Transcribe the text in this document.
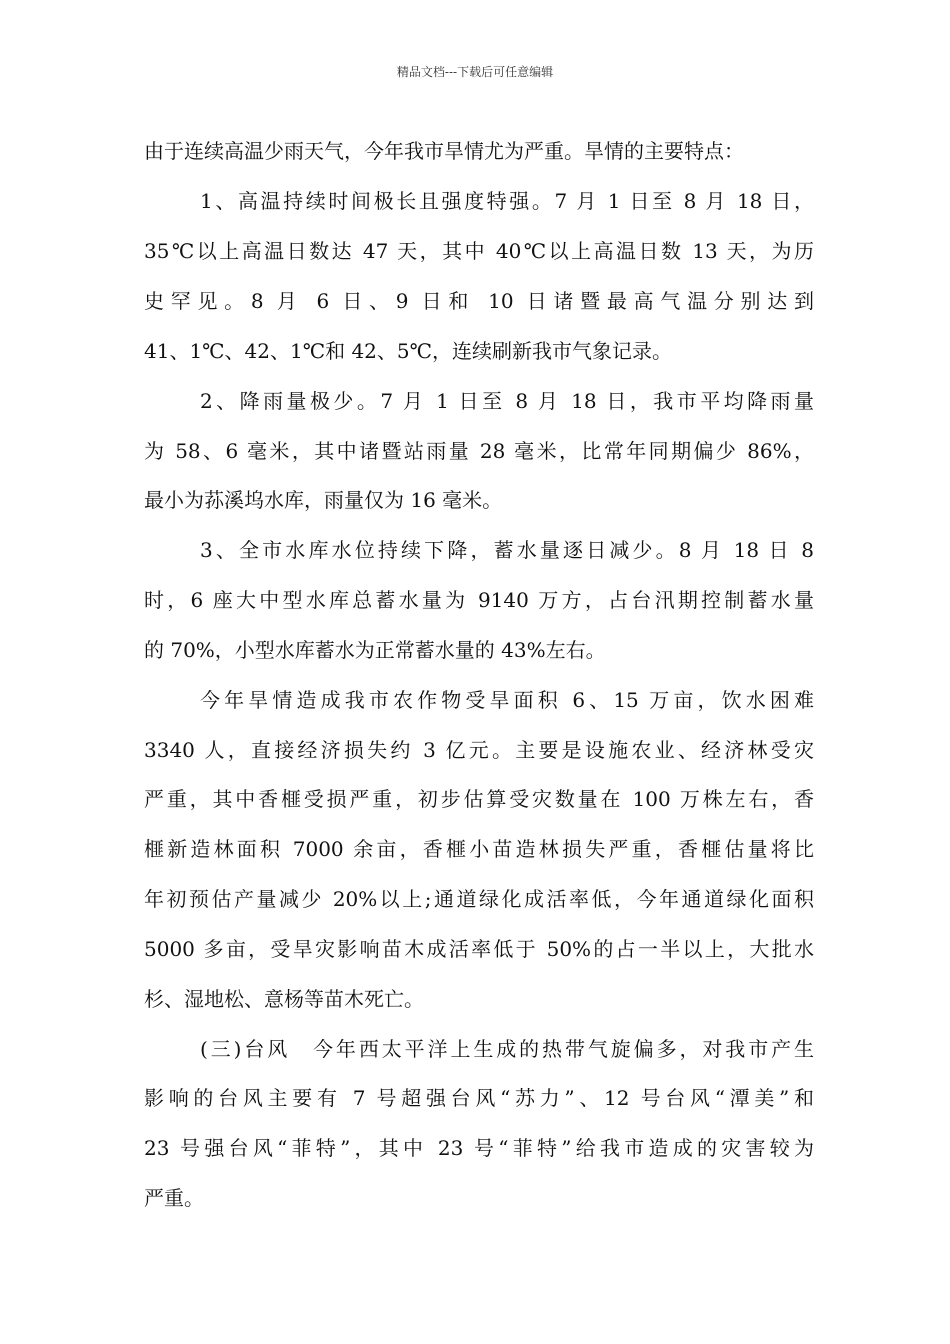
精品文档---下载后可任意编辑
由于连续高温少雨天气，今年我市旱情尤为严重。旱情的主要特点：
1、高温持续时间极长且强度特强。7 月 1 日至 8 月 18 日，
35℃以上高温日数达 47 天，其中 40℃以上高温日数 13 天，为历
史罕见。8 月 6 日、9 日和 10 日诸暨最高气温分别达到
41、1℃、42、1℃和 42、5℃，连续刷新我市气象记录。
2、降雨量极少。7 月 1 日至 8 月 18 日，我市平均降雨量
为 58、6 毫米，其中诸暨站雨量 28 毫米，比常年同期偏少 86%，
最小为荪溪坞水库，雨量仅为 16 毫米。
3、全市水库水位持续下降，蓄水量逐日减少。8 月 18 日 8
时，6 座大中型水库总蓄水量为 9140 万方，占台汛期控制蓄水量
的 70%，小型水库蓄水为正常蓄水量的 43%左右。
今年旱情造成我市农作物受旱面积 6、15 万亩，饮水困难
3340 人，直接经济损失约 3 亿元。主要是设施农业、经济林受灾
严重，其中香榧受损严重，初步估算受灾数量在 100 万株左右，香
榧新造林面积 7000 余亩，香榧小苗造林损失严重，香榧估量将比
年初预估产量减少 20%以上;通道绿化成活率低，今年通道绿化面积
5000 多亩，受旱灾影响苗木成活率低于 50%的占一半以上，大批水
杉、湿地松、意杨等苗木死亡。
(三)台风　今年西太平洋上生成的热带气旋偏多，对我市产生
影响的台风主要有 7 号超强台风“苏力”、12 号台风“潭美”和
23 号强台风“菲特”，其中 23 号“菲特”给我市造成的灾害较为
严重。
